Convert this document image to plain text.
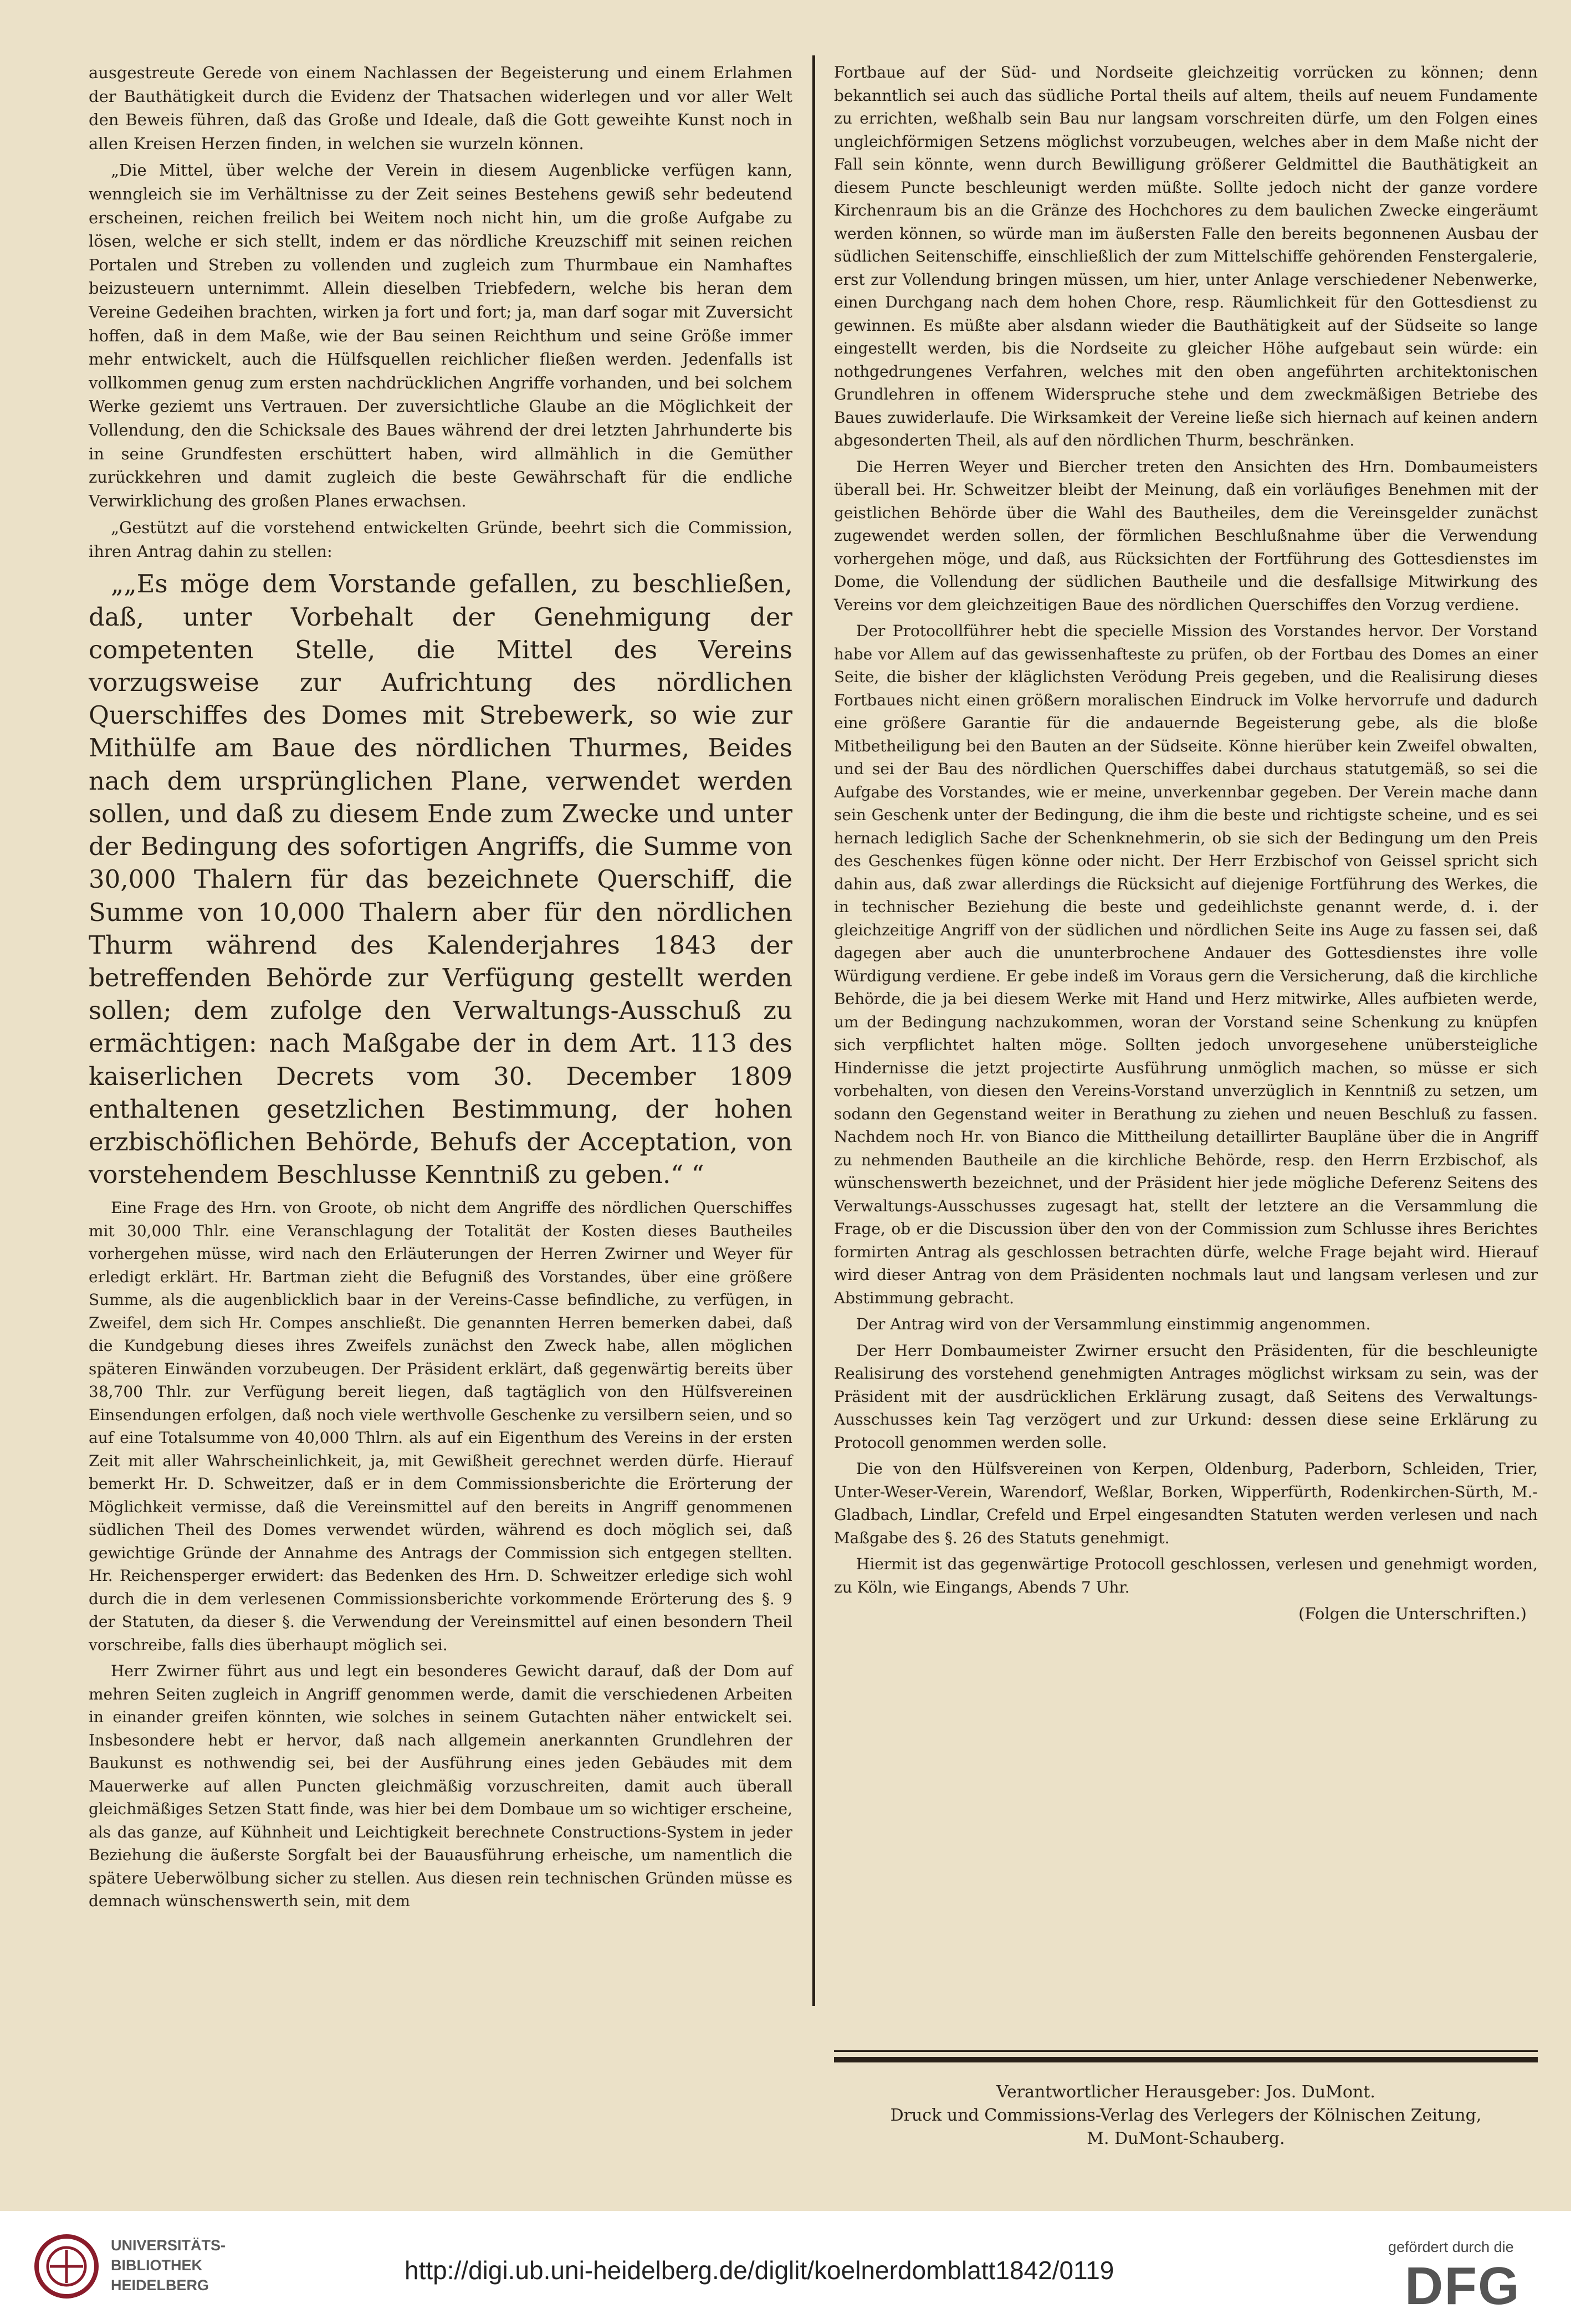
ausgestreute Gerede von einem Nachlassen der Begeisterung und einem Erlahmen der Bauthätigkeit durch die Evidenz der Thatsachen widerlegen und vor aller Welt den Beweis führen, daß das Große und Ideale, daß die Gott geweihte Kunst noch in allen Kreisen Herzen finden, in welchen sie wurzeln können.

„Die Mittel, über welche der Verein in diesem Augenblicke verfügen kann, wenngleich sie im Verhältnisse zu der Zeit seines Bestehens gewiß sehr bedeutend erscheinen, reichen freilich bei Weitem noch nicht hin, um die große Aufgabe zu lösen, welche er sich stellt, indem er das nördliche Kreuzschiff mit seinen reichen Portalen und Streben zu vollenden und zugleich zum Thurmbaue ein Namhaftes beizusteuern unternimmt. Allein dieselben Triebfedern, welche bis heran dem Vereine Gedeihen brachten, wirken ja fort und fort; ja, man darf sogar mit Zuversicht hoffen, daß in dem Maße, wie der Bau seinen Reichthum und seine Größe immer mehr entwickelt, auch die Hülfsquellen reichlicher fließen werden. Jedenfalls ist vollkommen genug zum ersten nachdrücklichen Angriffe vorhanden, und bei solchem Werke geziemt uns Vertrauen. Der zuversichtliche Glaube an die Möglichkeit der Vollendung, den die Schicksale des Baues während der drei letzten Jahrhunderte bis in seine Grundfesten erschüttert haben, wird allmählich in die Gemüther zurückkehren und damit zugleich die beste Gewährschaft für die endliche Verwirklichung des großen Planes erwachsen.

„Gestützt auf die vorstehend entwickelten Gründe, beehrt sich die Commission, ihren Antrag dahin zu stellen:

„„Es möge dem Vorstande gefallen, zu beschließen, daß, unter Vorbehalt der Genehmigung der competenten Stelle, die Mittel des Vereins vorzugsweise zur Aufrichtung des nördlichen Querschiffes des Domes mit Strebewerk, so wie zur Mithülfe am Baue des nördlichen Thurmes, Beides nach dem ursprünglichen Plane, verwendet werden sollen, und daß zu diesem Ende zum Zwecke und unter der Bedingung des sofortigen Angriffs, die Summe von 30,000 Thalern für das bezeichnete Querschiff, die Summe von 10,000 Thalern aber für den nördlichen Thurm während des Kalenderjahres 1843 der betreffenden Behörde zur Verfügung gestellt werden sollen; dem zufolge den Verwaltungs-Ausschuß zu ermächtigen: nach Maßgabe der in dem Art. 113 des kaiserlichen Decrets vom 30. December 1809 enthaltenen gesetzlichen Bestimmung, der hohen erzbischöflichen Behörde, Behufs der Acceptation, von vorstehendem Beschlusse Kenntniß zu geben.“ “

Eine Frage des Hrn. von Groote, ob nicht dem Angriffe des nördlichen Querschiffes mit 30,000 Thlr. eine Veranschlagung der Totalität der Kosten dieses Bautheiles vorhergehen müsse, wird nach den Erläuterungen der Herren Zwirner und Weyer für erledigt erklärt. Hr. Bartman zieht die Befugniß des Vorstandes, über eine größere Summe, als die augenblicklich baar in der Vereins-Casse befindliche, zu verfügen, in Zweifel, dem sich Hr. Compes anschließt. Die genannten Herren bemerken dabei, daß die Kundgebung dieses ihres Zweifels zunächst den Zweck habe, allen möglichen späteren Einwänden vorzubeugen. Der Präsident erklärt, daß gegenwärtig bereits über 38,700 Thlr. zur Verfügung bereit liegen, daß tagtäglich von den Hülfsvereinen Einsendungen erfolgen, daß noch viele werthvolle Geschenke zu versilbern seien, und so auf eine Totalsumme von 40,000 Thlrn. als auf ein Eigenthum des Vereins in der ersten Zeit mit aller Wahrscheinlichkeit, ja, mit Gewißheit gerechnet werden dürfe. Hierauf bemerkt Hr. D. Schweitzer, daß er in dem Commissionsberichte die Erörterung der Möglichkeit vermisse, daß die Vereinsmittel auf den bereits in Angriff genommenen südlichen Theil des Domes verwendet würden, während es doch möglich sei, daß gewichtige Gründe der Annahme des Antrags der Commission sich entgegen stellten. Hr. Reichensperger erwidert: das Bedenken des Hrn. D. Schweitzer erledige sich wohl durch die in dem verlesenen Commissionsberichte vorkommende Erörterung des §. 9 der Statuten, da dieser §. die Verwendung der Vereinsmittel auf einen besondern Theil vorschreibe, falls dies überhaupt möglich sei.

Herr Zwirner führt aus und legt ein besonderes Gewicht darauf, daß der Dom auf mehren Seiten zugleich in Angriff genommen werde, damit die verschiedenen Arbeiten in einander greifen könnten, wie solches in seinem Gutachten näher entwickelt sei. Insbesondere hebt er hervor, daß nach allgemein anerkannten Grundlehren der Baukunst es nothwendig sei, bei der Ausführung eines jeden Gebäudes mit dem Mauerwerke auf allen Puncten gleichmäßig vorzuschreiten, damit auch überall gleichmäßiges Setzen Statt finde, was hier bei dem Dombaue um so wichtiger erscheine, als das ganze, auf Kühnheit und Leichtigkeit berechnete Constructions-System in jeder Beziehung die äußerste Sorgfalt bei der Bauausführung erheische, um namentlich die spätere Ueberwölbung sicher zu stellen. Aus diesen rein technischen Gründen müsse es demnach wünschenswerth sein, mit dem

Fortbaue auf der Süd- und Nordseite gleichzeitig vorrücken zu können; denn bekanntlich sei auch das südliche Portal theils auf altem, theils auf neuem Fundamente zu errichten, weßhalb sein Bau nur langsam vorschreiten dürfe, um den Folgen eines ungleichförmigen Setzens möglichst vorzubeugen, welches aber in dem Maße nicht der Fall sein könnte, wenn durch Bewilligung größerer Geldmittel die Bauthätigkeit an diesem Puncte beschleunigt werden müßte. Sollte jedoch nicht der ganze vordere Kirchenraum bis an die Gränze des Hochchores zu dem baulichen Zwecke eingeräumt werden können, so würde man im äußersten Falle den bereits begonnenen Ausbau der südlichen Seitenschiffe, einschließlich der zum Mittelschiffe gehörenden Fenstergalerie, erst zur Vollendung bringen müssen, um hier, unter Anlage verschiedener Nebenwerke, einen Durchgang nach dem hohen Chore, resp. Räumlichkeit für den Gottesdienst zu gewinnen. Es müßte aber alsdann wieder die Bauthätigkeit auf der Südseite so lange eingestellt werden, bis die Nordseite zu gleicher Höhe aufgebaut sein würde: ein nothgedrungenes Verfahren, welches mit den oben angeführten architektonischen Grundlehren in offenem Widerspruche stehe und dem zweckmäßigen Betriebe des Baues zuwiderlaufe. Die Wirksamkeit der Vereine ließe sich hiernach auf keinen andern abgesonderten Theil, als auf den nördlichen Thurm, beschränken.

Die Herren Weyer und Biercher treten den Ansichten des Hrn. Dombaumeisters überall bei. Hr. Schweitzer bleibt der Meinung, daß ein vorläufiges Benehmen mit der geistlichen Behörde über die Wahl des Bautheiles, dem die Vereinsgelder zunächst zugewendet werden sollen, der förmlichen Beschlußnahme über die Verwendung vorhergehen möge, und daß, aus Rücksichten der Fortführung des Gottesdienstes im Dome, die Vollendung der südlichen Bautheile und die desfallsige Mitwirkung des Vereins vor dem gleichzeitigen Baue des nördlichen Querschiffes den Vorzug verdiene.

Der Protocollführer hebt die specielle Mission des Vorstandes hervor. Der Vorstand habe vor Allem auf das gewissenhafteste zu prüfen, ob der Fortbau des Domes an einer Seite, die bisher der kläglichsten Verödung Preis gegeben, und die Realisirung dieses Fortbaues nicht einen größern moralischen Eindruck im Volke hervorrufe und dadurch eine größere Garantie für die andauernde Begeisterung gebe, als die bloße Mitbetheiligung bei den Bauten an der Südseite. Könne hierüber kein Zweifel obwalten, und sei der Bau des nördlichen Querschiffes dabei durchaus statutgemäß, so sei die Aufgabe des Vorstandes, wie er meine, unverkennbar gegeben. Der Verein mache dann sein Geschenk unter der Bedingung, die ihm die beste und richtigste scheine, und es sei hernach lediglich Sache der Schenknehmerin, ob sie sich der Bedingung um den Preis des Geschenkes fügen könne oder nicht. Der Herr Erzbischof von Geissel spricht sich dahin aus, daß zwar allerdings die Rücksicht auf diejenige Fortführung des Werkes, die in technischer Beziehung die beste und gedeihlichste genannt werde, d. i. der gleichzeitige Angriff von der südlichen und nördlichen Seite ins Auge zu fassen sei, daß dagegen aber auch die ununterbrochene Andauer des Gottesdienstes ihre volle Würdigung verdiene. Er gebe indeß im Voraus gern die Versicherung, daß die kirchliche Behörde, die ja bei diesem Werke mit Hand und Herz mitwirke, Alles aufbieten werde, um der Bedingung nachzukommen, woran der Vorstand seine Schenkung zu knüpfen sich verpflichtet halten möge. Sollten jedoch unvorgesehene unübersteigliche Hindernisse die jetzt projectirte Ausführung unmöglich machen, so müsse er sich vorbehalten, von diesen den Vereins-Vorstand unverzüglich in Kenntniß zu setzen, um sodann den Gegenstand weiter in Berathung zu ziehen und neuen Beschluß zu fassen. Nachdem noch Hr. von Bianco die Mittheilung detaillirter Baupläne über die in Angriff zu nehmenden Bautheile an die kirchliche Behörde, resp. den Herrn Erzbischof, als wünschenswerth bezeichnet, und der Präsident hier jede mögliche Deferenz Seitens des Verwaltungs-Ausschusses zugesagt hat, stellt der letztere an die Versammlung die Frage, ob er die Discussion über den von der Commission zum Schlusse ihres Berichtes formirten Antrag als geschlossen betrachten dürfe, welche Frage bejaht wird. Hierauf wird dieser Antrag von dem Präsidenten nochmals laut und langsam verlesen und zur Abstimmung gebracht.

Der Antrag wird von der Versammlung einstimmig angenommen.

Der Herr Dombaumeister Zwirner ersucht den Präsidenten, für die beschleunigte Realisirung des vorstehend genehmigten Antrages möglichst wirksam zu sein, was der Präsident mit der ausdrücklichen Erklärung zusagt, daß Seitens des Verwaltungs-Ausschusses kein Tag verzögert und zur Urkund: dessen diese seine Erklärung zu Protocoll genommen werden solle.

Die von den Hülfsvereinen von Kerpen, Oldenburg, Paderborn, Schleiden, Trier, Unter-Weser-Verein, Warendorf, Weßlar, Borken, Wipperfürth, Rodenkirchen-Sürth, M.-Gladbach, Lindlar, Crefeld und Erpel eingesandten Statuten werden verlesen und nach Maßgabe des §. 26 des Statuts genehmigt.

Hiermit ist das gegenwärtige Protocoll geschlossen, verlesen und genehmigt worden, zu Köln, wie Eingangs, Abends 7 Uhr.

(Folgen die Unterschriften.)
Verantwortlicher Herausgeber: Jos. DuMont.
Druck und Commissions-Verlag des Verlegers der Kölnischen Zeitung,
M. DuMont-Schauberg.
UNIVERSITÄTS-
BIBLIOTHEK
HEIDELBERG
http://digi.ub.uni-heidelberg.de/diglit/koelnerdomblatt1842/0119
gefördert durch die
DFG
